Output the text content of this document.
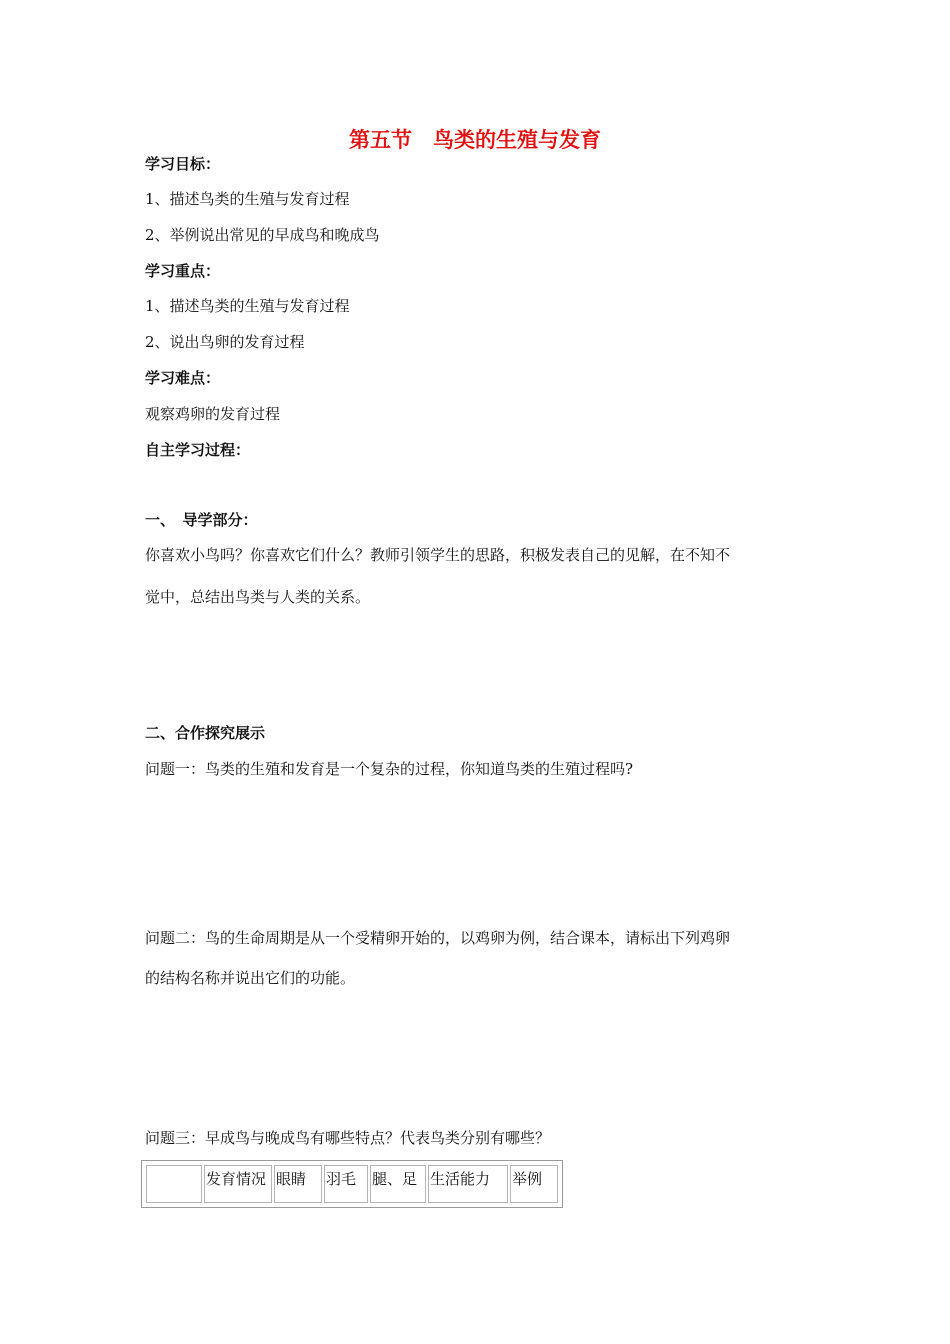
第五节　鸟类的生殖与发育
学习目标：
1、描述鸟类的生殖与发育过程
2、举例说出常见的早成鸟和晚成鸟
学习重点：
1、描述鸟类的生殖与发育过程
2、说出鸟卵的发育过程
学习难点：
观察鸡卵的发育过程
自主学习过程：
一、　导学部分：
你喜欢小鸟吗？你喜欢它们什么？教师引领学生的思路，积极发表自己的见解，在不知不
觉中，总结出鸟类与人类的关系。
二、合作探究展示
问题一：鸟类的生殖和发育是一个复杂的过程，你知道鸟类的生殖过程吗?
问题二：鸟的生命周期是从一个受精卵开始的，以鸡卵为例，结合课本，请标出下列鸡卵
的结构名称并说出它们的功能。
问题三：早成鸟与晚成鸟有哪些特点？代表鸟类分别有哪些？
	发育情况	眼睛	羽毛	腿、足	生活能力	举例
